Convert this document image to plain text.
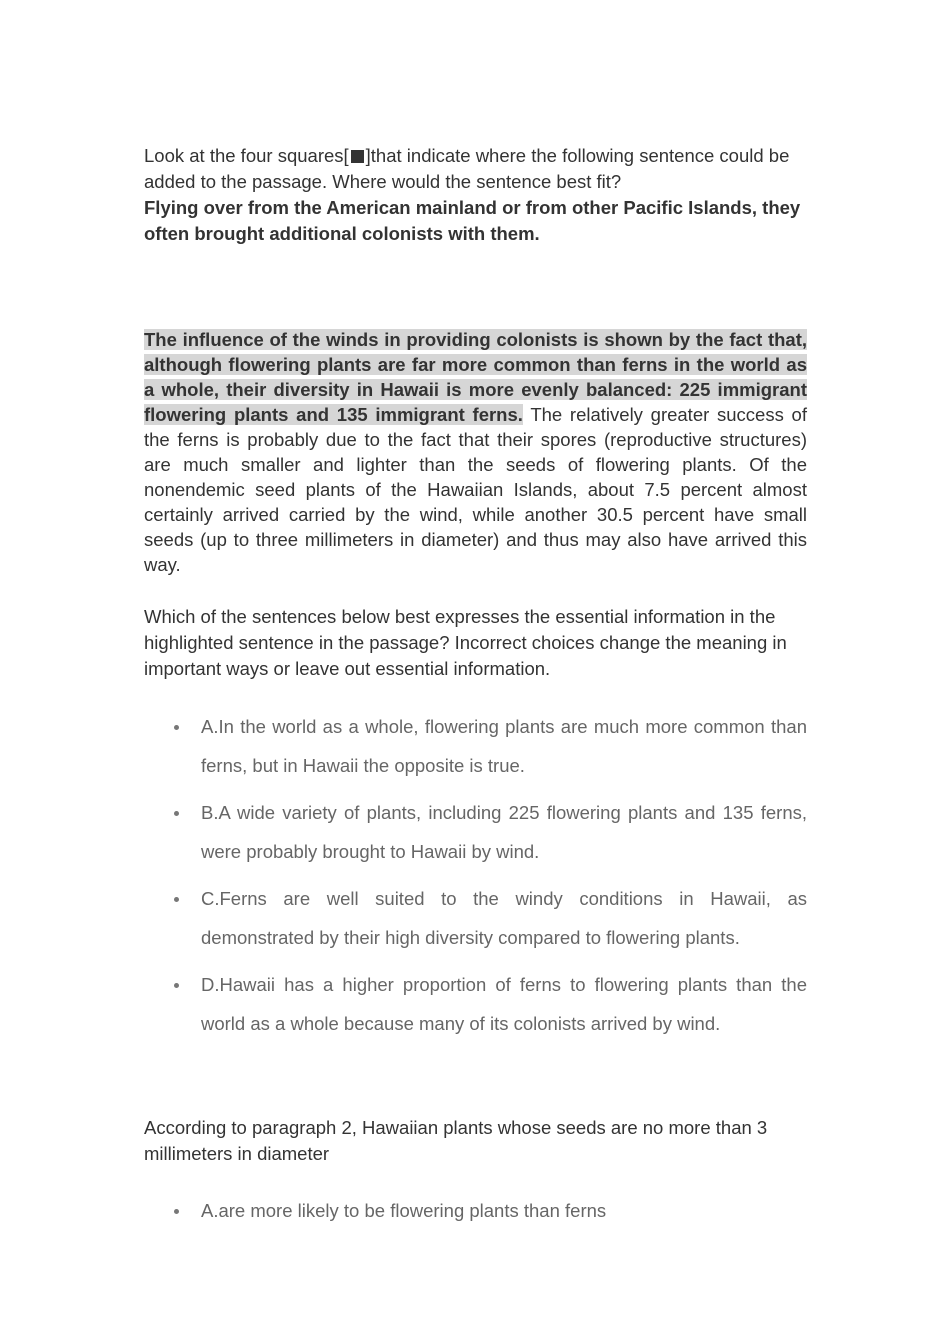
Look at the four squares[ ]that indicate where the following sentence could be added to the passage. Where would the sentence best fit?

Flying over from the American mainland or from other Pacific Islands, they often brought additional colonists with them.

The influence of the winds in providing colonists is shown by the fact that, although flowering plants are far more common than ferns in the world as a whole, their diversity in Hawaii is more evenly balanced: 225 immigrant flowering plants and 135 immigrant ferns. The relatively greater success of the ferns is probably due to the fact that their spores (reproductive structures) are much smaller and lighter than the seeds of flowering plants. Of the nonendemic seed plants of the Hawaiian Islands, about 7.5 percent almost certainly arrived carried by the wind, while another 30.5 percent have small seeds (up to three millimeters in diameter) and thus may also have arrived this way.

Which of the sentences below best expresses the essential information in the highlighted sentence in the passage? Incorrect choices change the meaning in important ways or leave out essential information.

A.In the world as a whole, flowering plants are much more common than ferns, but in Hawaii the opposite is true.
B.A wide variety of plants, including 225 flowering plants and 135 ferns, were probably brought to Hawaii by wind.
C.Ferns are well suited to the windy conditions in Hawaii, as demonstrated by their high diversity compared to flowering plants.
D.Hawaii has a higher proportion of ferns to flowering plants than the world as a whole because many of its colonists arrived by wind.

According to paragraph 2, Hawaiian plants whose seeds are no more than 3 millimeters in diameter

A.are more likely to be flowering plants than ferns
